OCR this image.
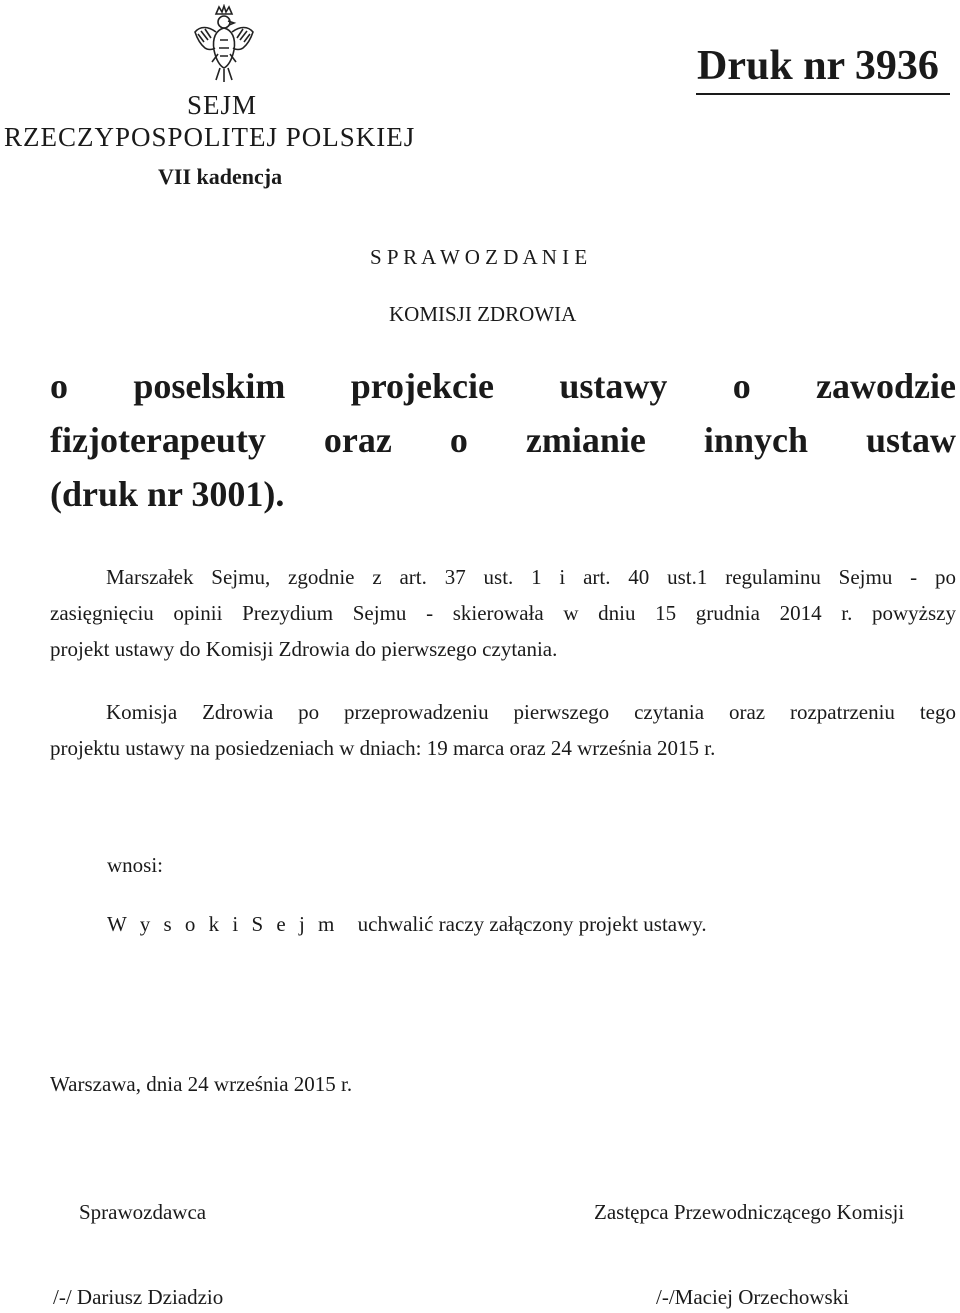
SEJM
RZECZYPOSPOLITEJ POLSKIEJ
VII kadencja
Druk nr 3936
S P R A W O Z D A N I E
KOMISJI ZDROWIA
o poselskim projekcie ustawy o zawodzie
fizjoterapeuty oraz o zmianie innych ustaw
(druk nr 3001).
Marszałek Sejmu, zgodnie z art. 37 ust. 1 i art. 40 ust.1 regulaminu Sejmu - po
zasięgnięciu opinii Prezydium Sejmu - skierowała w dniu 15 grudnia 2014 r. powyższy
projekt ustawy do Komisji Zdrowia do pierwszego czytania.
Komisja Zdrowia po przeprowadzeniu pierwszego czytania oraz rozpatrzeniu tego
projektu ustawy na posiedzeniach w dniach: 19 marca oraz 24 września 2015 r.
wnosi:
W y s o k i S e j m uchwalić raczy załączony projekt ustawy.
Warszawa, dnia 24 września 2015 r.
Sprawozdawca	Zastępca Przewodniczącego Komisji
/-/ Dariusz Dziadzio	/-/Maciej Orzechowski
